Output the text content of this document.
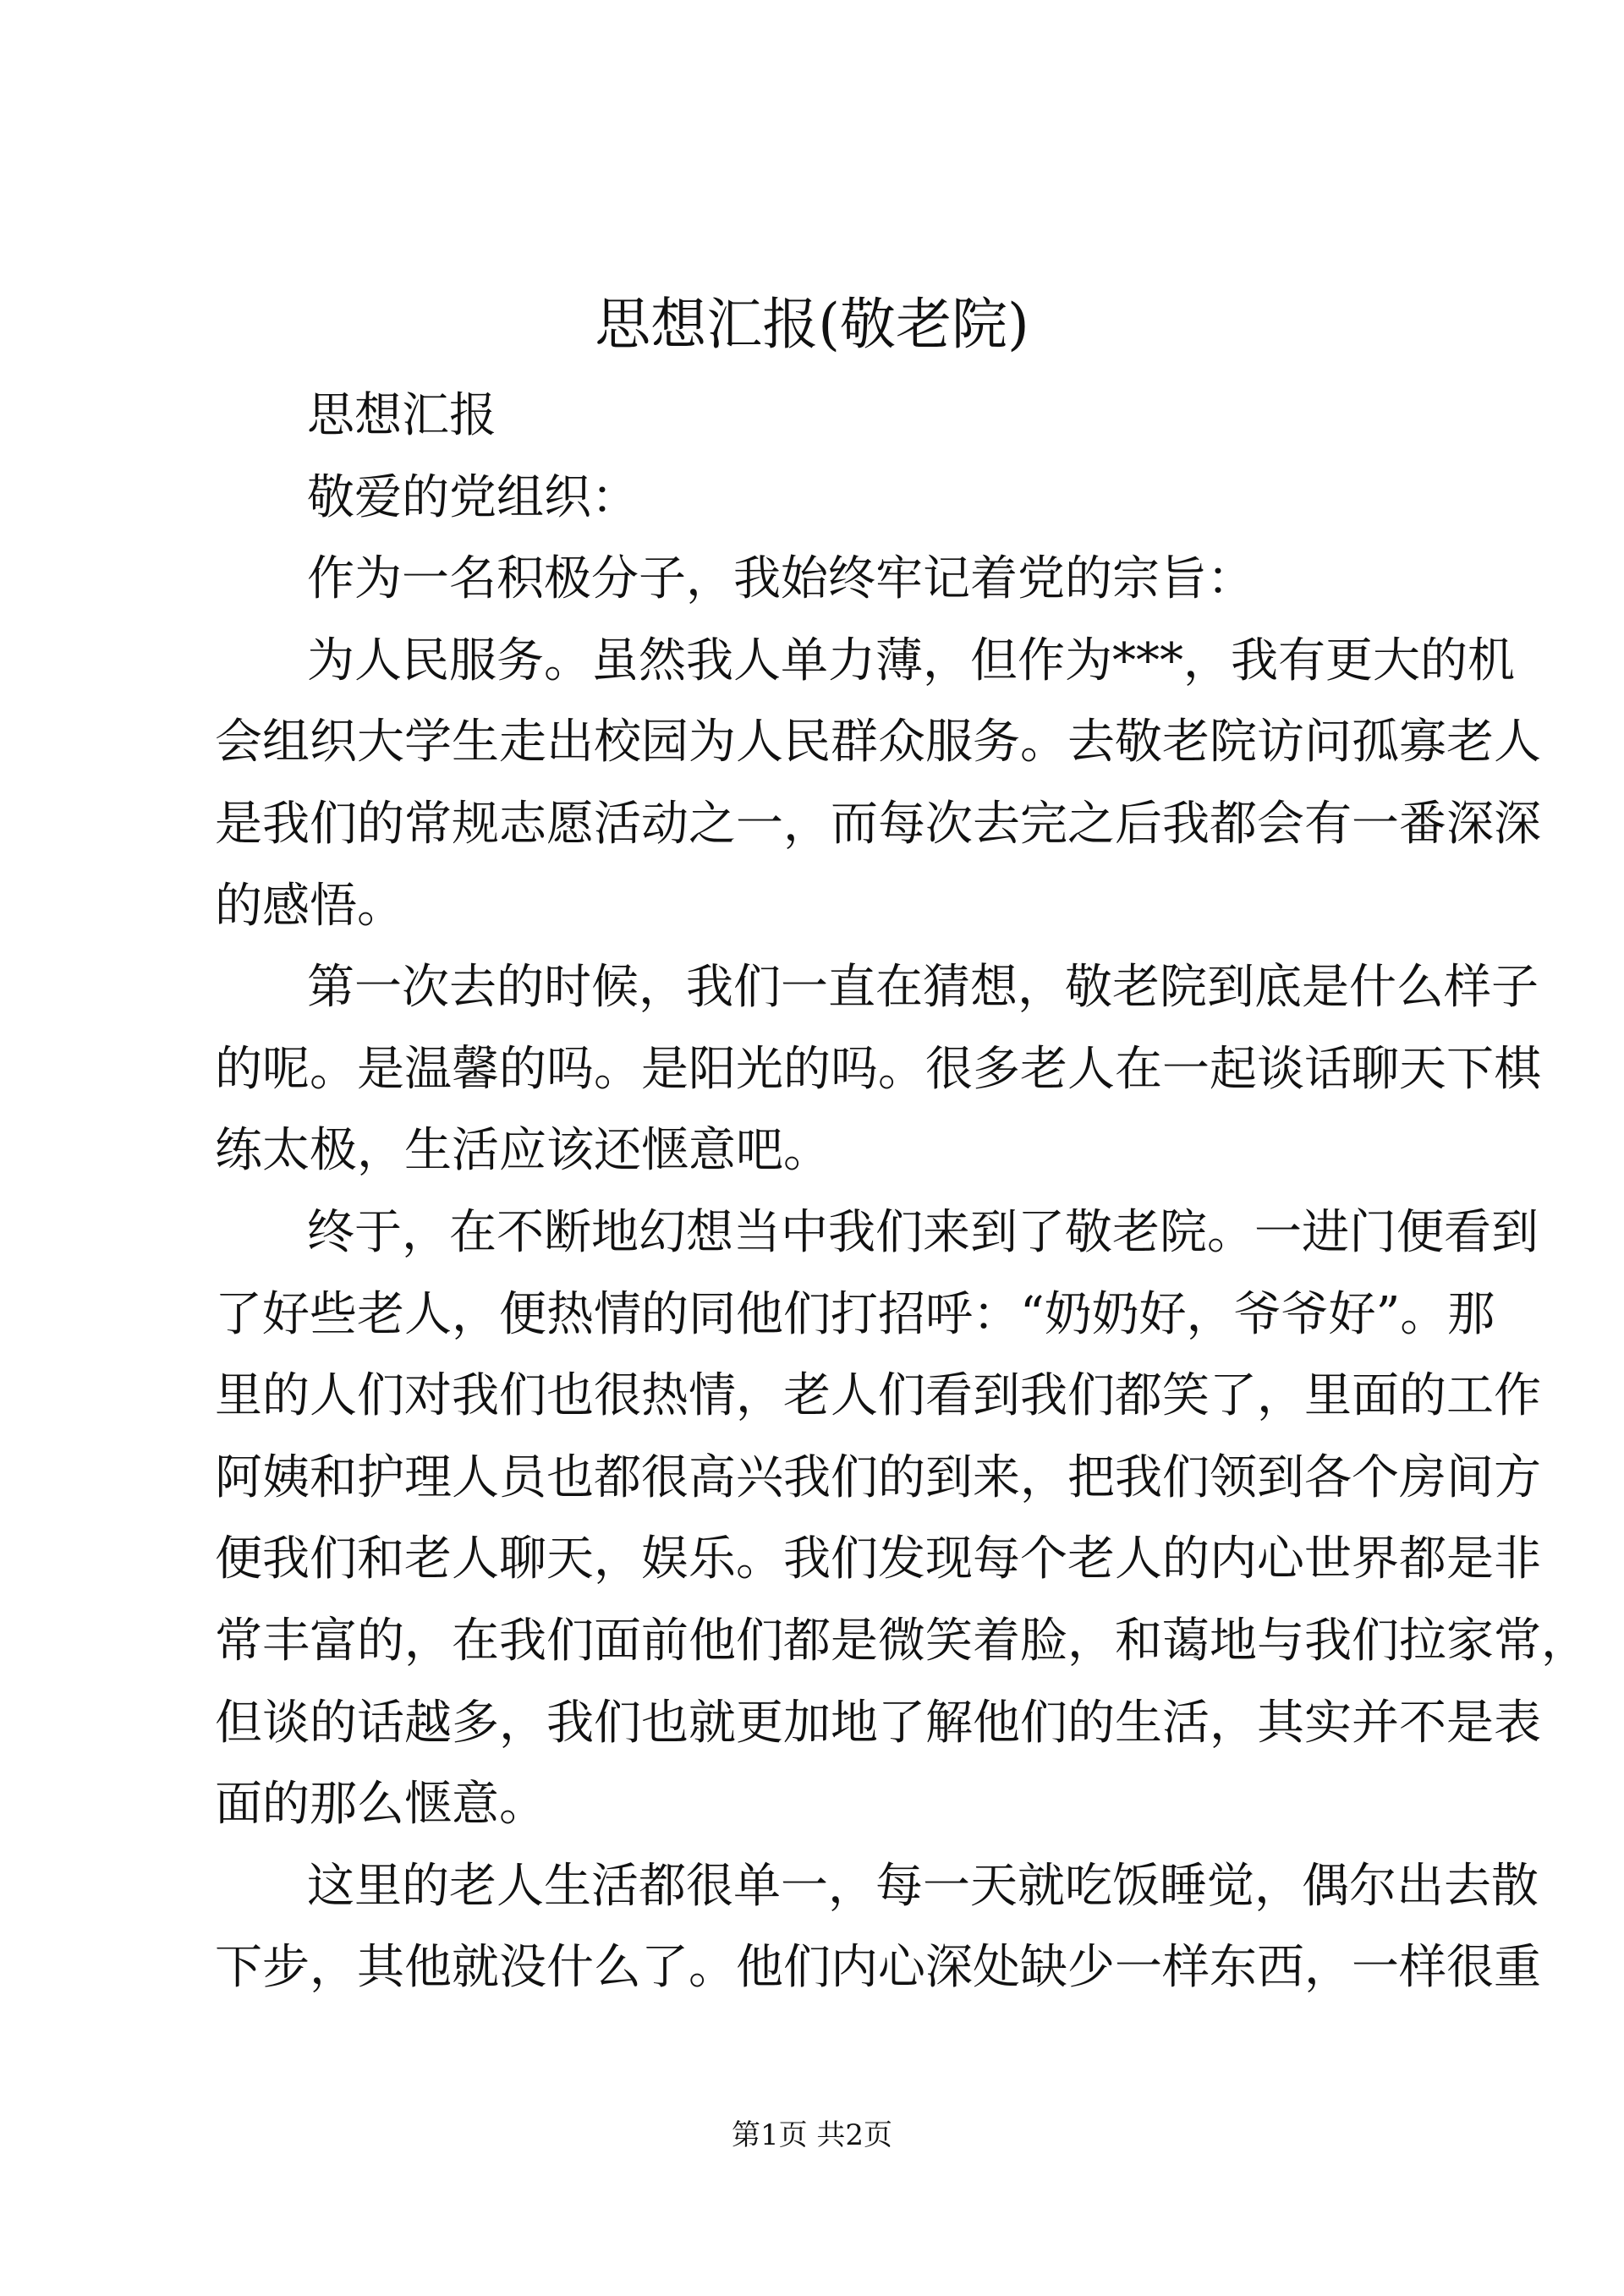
思想汇报(敬老院)
思想汇报
敬爱的党组织：
作为一名积极分子，我始终牢记着党的宗旨：
为人民服务。虽然我人单力薄，但作为***，我有更大的机
会组织大学生走出校园为人民群众服务。去敬老院访问孤寡老人
是我们的常规志愿活动之一，而每次去完之后我都会有一番深深
的感悟。
第一次去的时候，我们一直在猜想，敬老院到底是什么样子
的呢。是温馨的吗。是阳光的吗。很多老人在一起谈话聊天下棋
练太极，生活应该还惬意吧。
终于，在不断地幻想当中我们来到了敬老院。一进门便看到
了好些老人，便热情的同他们打招呼：“奶奶好，爷爷好”。那
里的人们对我们也很热情，老人们看到我们都笑了，里面的工作
阿姨和护理人员也都很高兴我们的到来，把我们领到各个房间方
便我们和老人聊天，娱乐。我们发现每个老人的内心世界都是非
常丰富的，在我们面前他们都是微笑着脸，和蔼地与我们拉家常，
但谈的话越多，我们也就更加地了解他们的生活，其实并不是表
面的那么惬意。
这里的老人生活都很单一，每一天就吃饭睡觉，偶尔出去散
下步，其他就没什么了。他们内心深处缺少一样东西，一样很重
第1页 共2页
